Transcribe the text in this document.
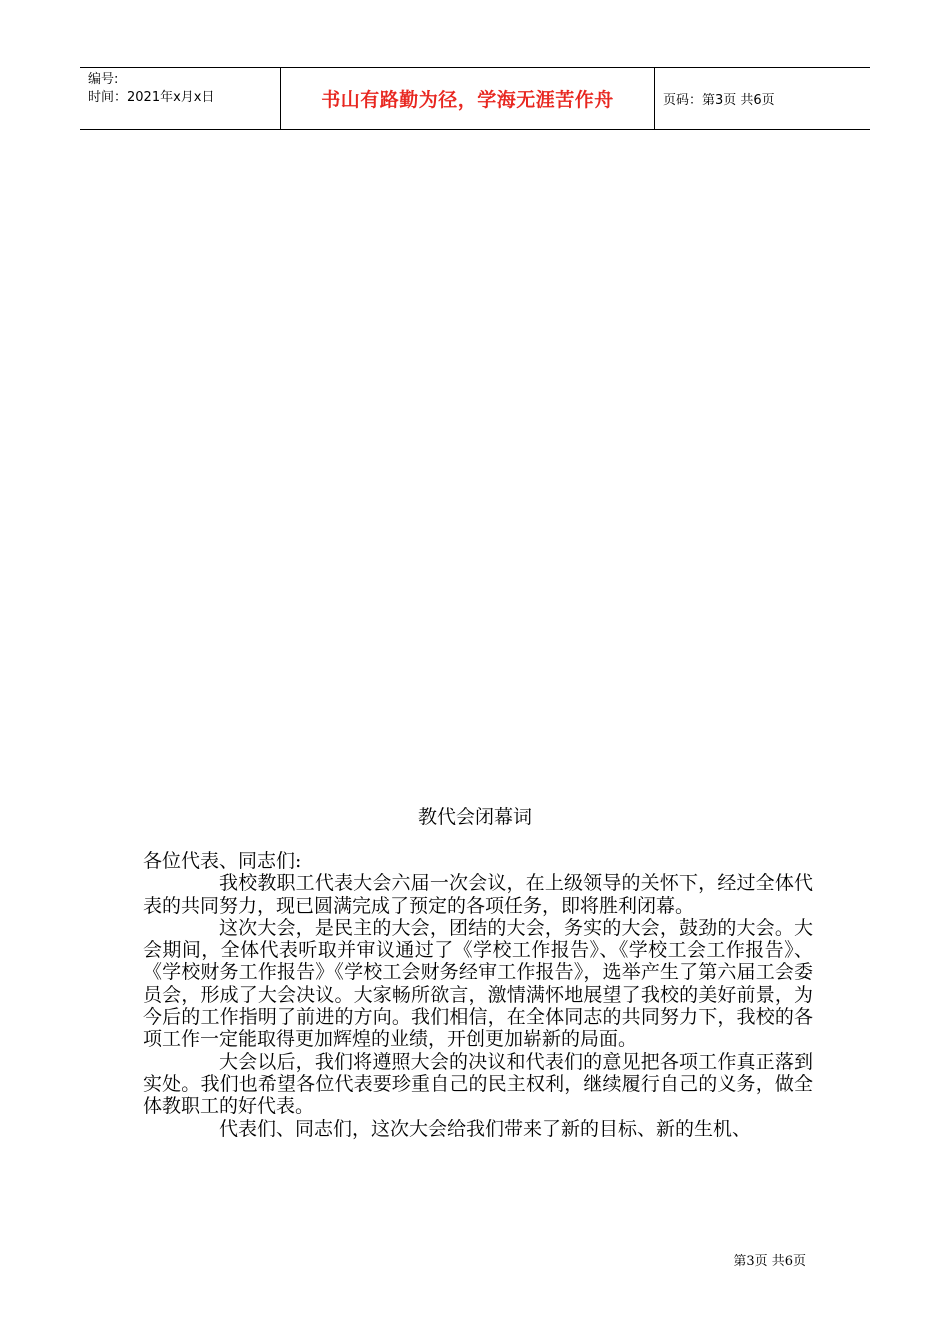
编号:
时间：2021年x月x日	书山有路勤为径，学海无涯苦作舟	页码：第3页 共6页
教代会闭幕词

各位代表、同志们:

我校教职工代表大会六届一次会议，在上级领导的关怀下，经过全体代表的共同努力，现已圆满完成了预定的各项任务，即将胜利闭幕。

这次大会，是民主的大会，团结的大会，务实的大会，鼓劲的大会。大会期间，全体代表听取并审议通过了《学校工作报告》、《学校工会工作报告》、《学校财务工作报告》《学校工会财务经审工作报告》，选举产生了第六届工会委员会，形成了大会决议。大家畅所欲言，激情满怀地展望了我校的美好前景，为今后的工作指明了前进的方向。我们相信，在全体同志的共同努力下，我校的各项工作一定能取得更加辉煌的业绩，开创更加崭新的局面。

大会以后，我们将遵照大会的决议和代表们的意见把各项工作真正落到实处。我们也希望各位代表要珍重自己的民主权利，继续履行自己的义务，做全体教职工的好代表。

代表们、同志们，这次大会给我们带来了新的目标、新的生机、

第3页 共6页
